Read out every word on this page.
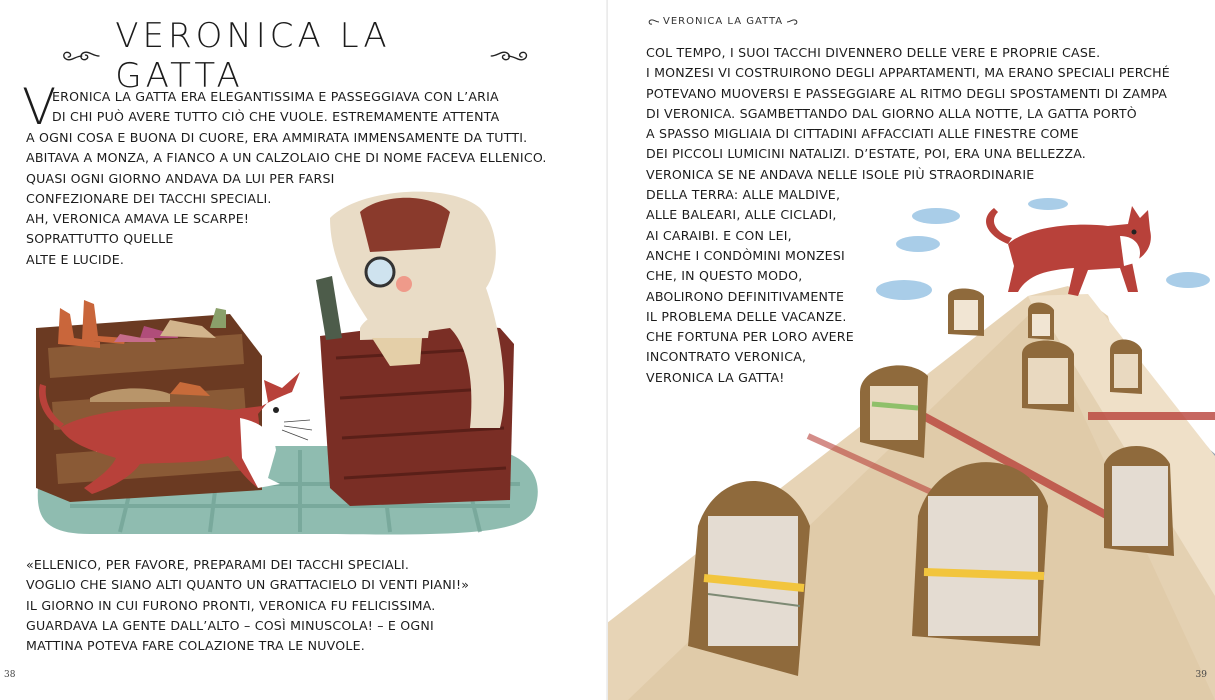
VERONICA LA GATTA
V
ERONICA LA GATTA ERA ELEGANTISSIMA E PASSEGGIAVA CON L’ARIA
DI CHI PUÒ AVERE TUTTO CIÒ CHE VUOLE. ESTREMAMENTE ATTENTA
A OGNI COSA E BUONA DI CUORE, ERA AMMIRATA IMMENSAMENTE DA TUTTI.
ABITAVA A MONZA, A FIANCO A UN CALZOLAIO CHE DI NOME FACEVA ELLENICO.
QUASI OGNI GIORNO ANDAVA DA LUI PER FARSI
CONFEZIONARE DEI TACCHI SPECIALI.
AH, VERONICA AMAVA LE SCARPE!
SOPRATTUTTO QUELLE
ALTE E LUCIDE.
«ELLENICO, PER FAVORE, PREPARAMI DEI TACCHI SPECIALI.
VOGLIO CHE SIANO ALTI QUANTO UN GRATTACIELO DI VENTI PIANI!»
IL GIORNO IN CUI FURONO PRONTI, VERONICA FU FELICISSIMA.
GUARDAVA LA GENTE DALL’ALTO – COSÌ MINUSCOLA! – E OGNI
MATTINA POTEVA FARE COLAZIONE TRA LE NUVOLE.
38
VERONICA LA GATTA
COL TEMPO, I SUOI TACCHI DIVENNERO DELLE VERE E PROPRIE CASE.
I MONZESI VI COSTRUIRONO DEGLI APPARTAMENTI, MA ERANO SPECIALI PERCHÉ
POTEVANO MUOVERSI E PASSEGGIARE AL RITMO DEGLI SPOSTAMENTI DI ZAMPA
DI VERONICA. SGAMBETTANDO DAL GIORNO ALLA NOTTE, LA GATTA PORTÒ
A SPASSO MIGLIAIA DI CITTADINI AFFACCIATI ALLE FINESTRE COME
DEI PICCOLI LUMICINI NATALIZI. D’ESTATE, POI, ERA UNA BELLEZZA.
VERONICA SE NE ANDAVA NELLE ISOLE PIÙ STRAORDINARIE
DELLA TERRA: ALLE MALDIVE,
ALLE BALEARI, ALLE CICLADI,
AI CARAIBI. E CON LEI,
ANCHE I CONDÒMINI MONZESI
CHE, IN QUESTO MODO,
ABOLIRONO DEFINITIVAMENTE
IL PROBLEMA DELLE VACANZE.
CHE FORTUNA PER LORO AVERE
INCONTRATO VERONICA,
VERONICA LA GATTA!
39
